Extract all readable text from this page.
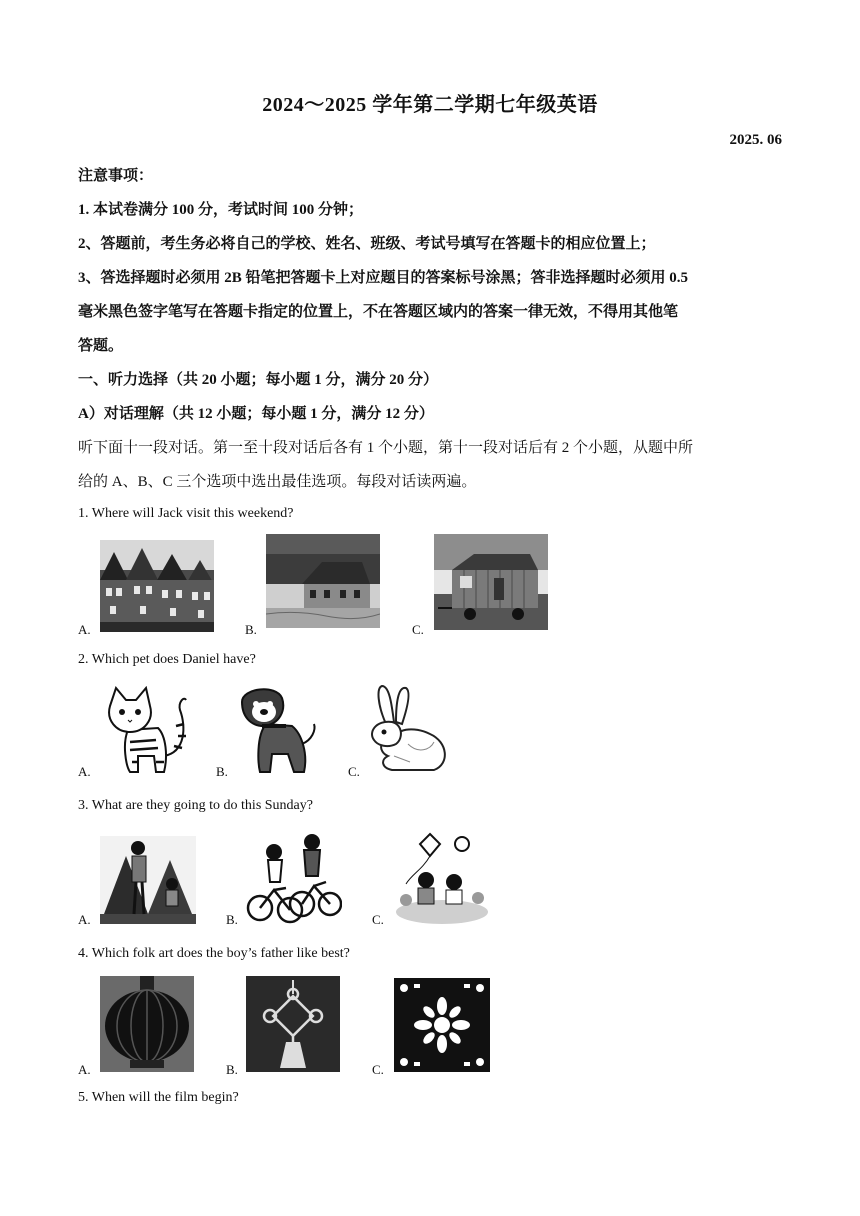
2024～2025 学年第二学期七年级英语
2025. 06
注意事项：
1. 本试卷满分 100 分，考试时间 100 分钟；
2、答题前，考生务必将自己的学校、姓名、班级、考试号填写在答题卡的相应位置上；
3、答选择题时必须用 2B 铅笔把答题卡上对应题目的答案标号涂黑；答非选择题时必须用 0.5
毫米黑色签字笔写在答题卡指定的位置上，不在答题区域内的答案一律无效，不得用其他笔
答题。
一、听力选择（共 20 小题；每小题 1 分，满分 20 分）
A）对话理解（共 12 小题；每小题 1 分，满分 12 分）
听下面十一段对话。第一至十段对话后各有 1 个小题，第十一段对话后有 2 个小题，从题中所
给的 A、B、C 三个选项中选出最佳选项。每段对话读两遍。
1. Where will Jack visit this weekend?
A.	B.	C.
2. Which pet does Daniel have?
A.	B.	C.
3. What are they going to do this Sunday?
A.	B.	C.
4. Which folk art does the boy’s father like best?
A.	B.	C.
5. When will the film begin?
